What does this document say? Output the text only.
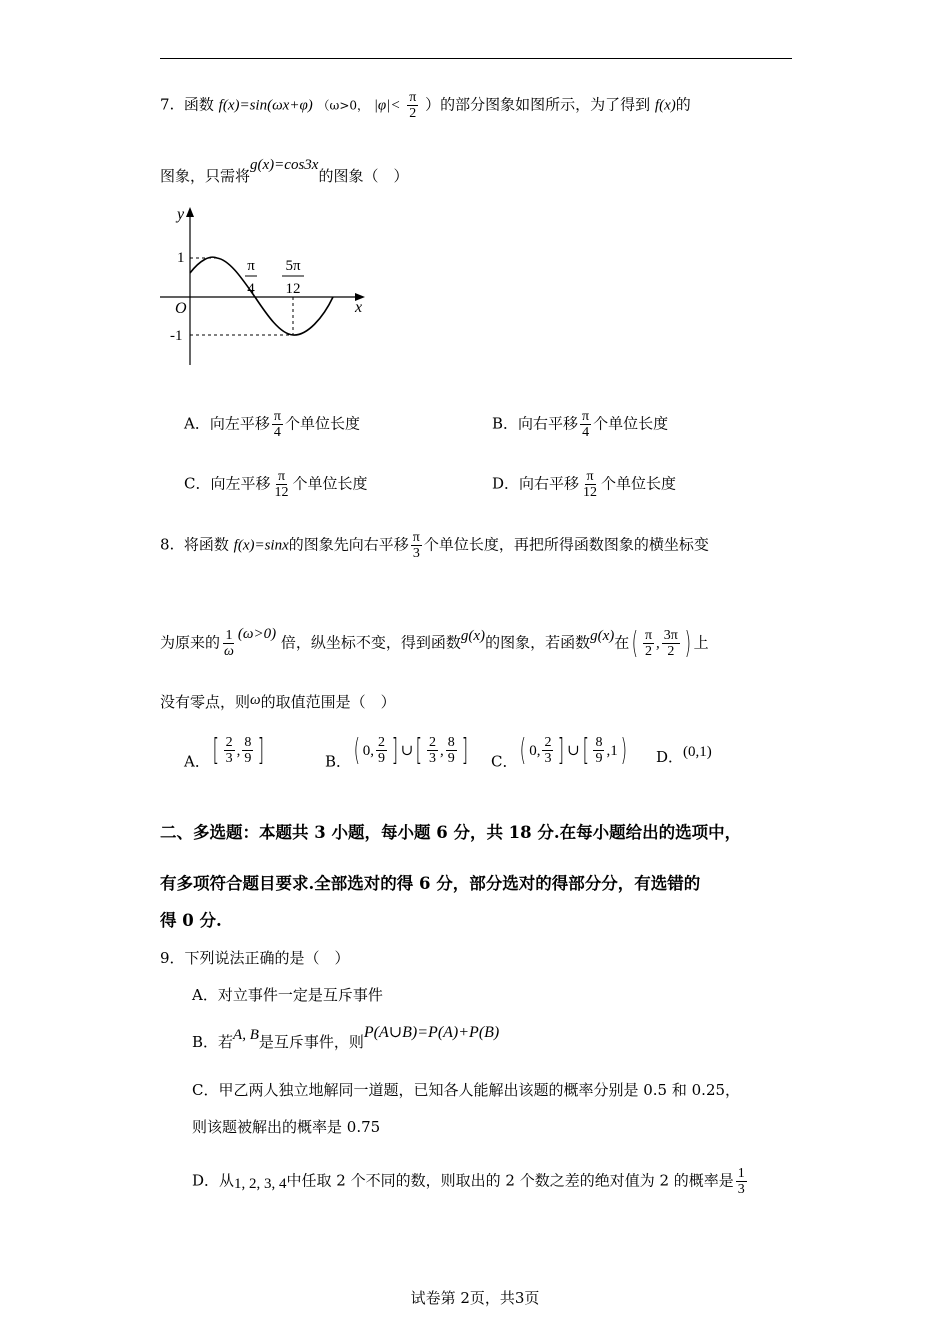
7. 函数 f(x)=sin(ωx+φ) （ω>0， $|\varphi|< \frac{\pi}{2}$ ）的部分图象如图所示，为了得到 f(x)的
图象，只需将g(x)=cos3x的图象（　）
y
x
O
1
-1
π
4
5π
12
A．向左平移 $\frac{\pi}{4}$ 个单位长度	B．向右平移 $\frac{\pi}{4}$ 个单位长度
C．向左平移 $\frac{\pi}{12}$ 个单位长度	D．向右平移 $\frac{\pi}{12}$ 个单位长度
8. 将函数 f(x)=sinx的图象先向右平移 $\frac{\pi}{3}$ 个单位长度，再把所得函数图象的横坐标变
为原来的 $\frac{1}{\omega} (\omega>0)$ 倍，纵坐标不变，得到函数g(x)的图象，若函数g(x)在( $\frac{\pi}{2}$ , $\frac{3\pi}{2}$ ) 上
没有零点，则ω的取值范围是（　）
A．[ $\frac{2}{3}$ , $\frac{8}{9}$ ]	B．( 0, $\frac{2}{9}$ ] ∪[ $\frac{2}{3}$ , $\frac{8}{9}$ ] C．( 0, $\frac{2}{3}$ ] ∪[ $\frac{8}{9} ,1$) D．(0,1)
二、多选题：本题共 3 小题，每小题 6 分，共 18 分.在每小题给出的选项中，
有多项符合题目要求.全部选对的得 6 分，部分选对的得部分分，有选错的
得 0 分.
9．下列说法正确的是（　）
A．对立事件一定是互斥事件
B．若A, B是互斥事件，则P(A∪B)=P(A)+P(B)
C．甲乙两人独立地解同一道题，已知各人能解出该题的概率分别是 0.5 和 0.25，
则该题被解出的概率是 0.75
D．从1, 2, 3, 4中任取 2 个不同的数，则取出的 2 个数之差的绝对值为 2 的概率是 $\frac{1}{3}$
试卷第 2页，共3页
